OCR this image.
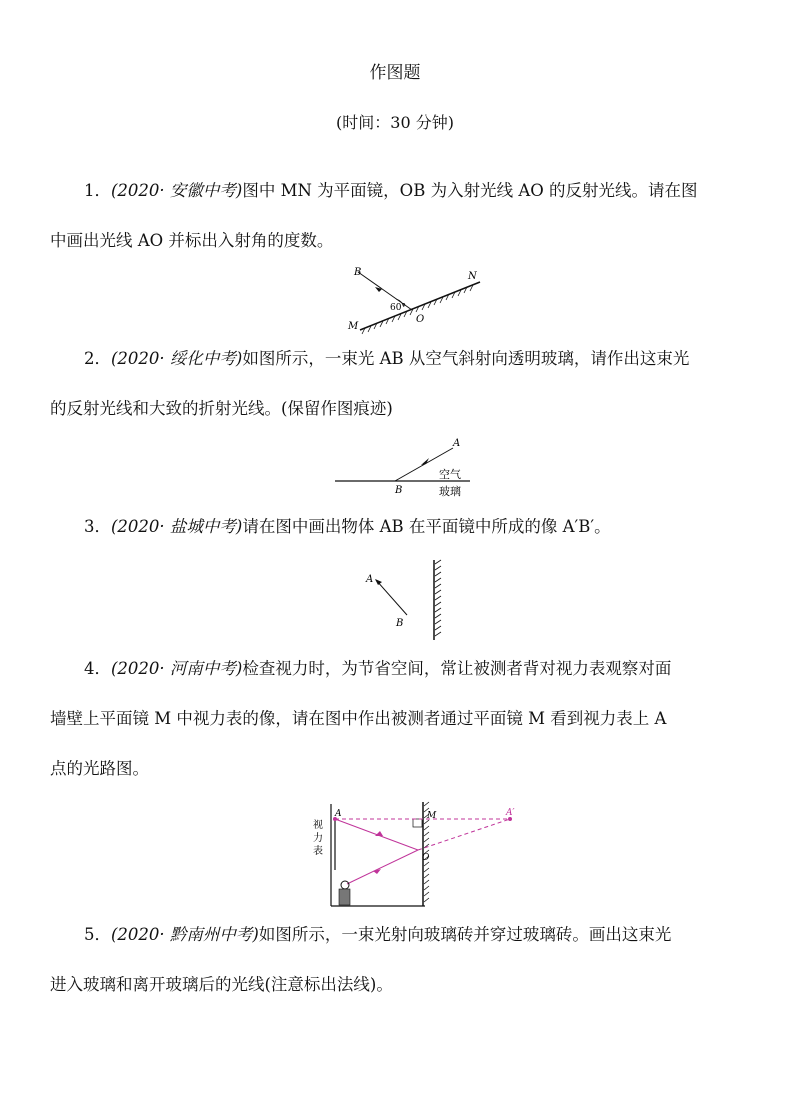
作图题
(时间：30 分钟)
1．(2020· 安徽中考)图中 MN 为平面镜，OB 为入射光线 AO 的反射光线。请在图
中画出光线 AO 并标出入射角的度数。
B	N
M
O
60°
2．(2020· 绥化中考)如图所示，一束光 AB 从空气斜射向透明玻璃，请作出这束光
的反射光线和大致的折射光线。(保留作图痕迹)
A
B
空气
玻璃
3．(2020· 盐城中考)请在图中画出物体 AB 在平面镜中所成的像 A′B′。
A
B
4．(2020· 河南中考)检查视力时，为节省空间，常让被测者背对视力表观察对面
墙壁上平面镜 M 中视力表的像，请在图中作出被测者通过平面镜 M 看到视力表上 A
点的光路图。
A	M	A′
O
视
力
表
5．(2020· 黔南州中考)如图所示，一束光射向玻璃砖并穿过玻璃砖。画出这束光
进入玻璃和离开玻璃后的光线(注意标出法线)。
